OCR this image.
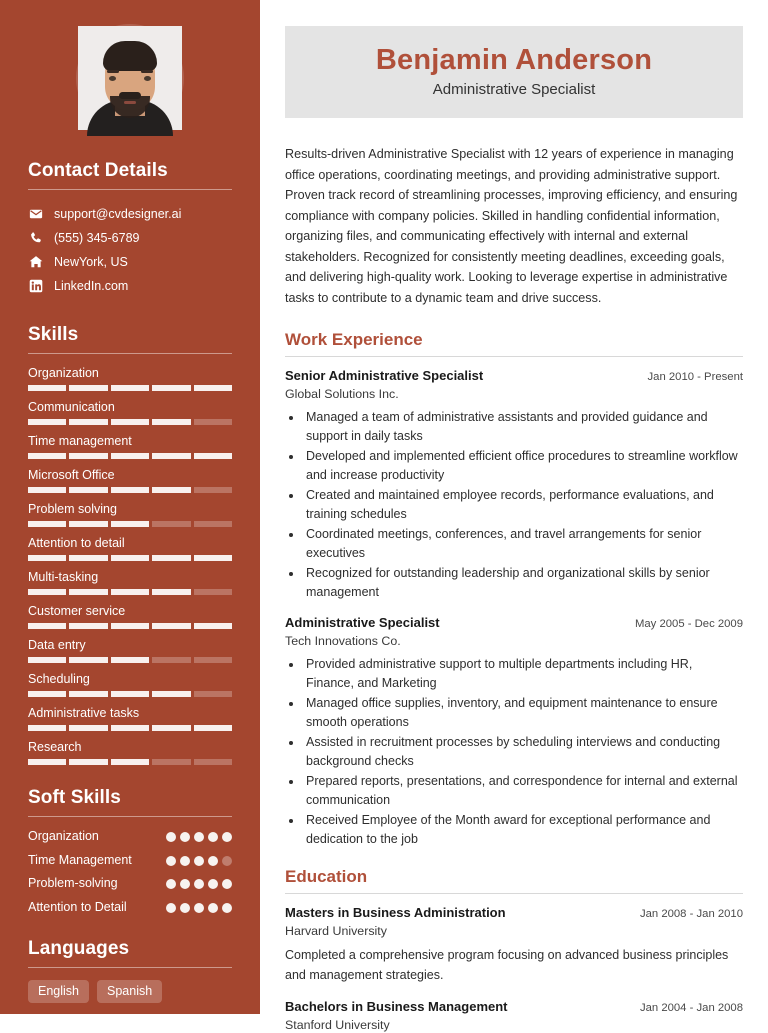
Contact Details
support@cvdesigner.ai
(555) 345-6789
NewYork, US
LinkedIn.com
Skills
Organization
Communication
Time management
Microsoft Office
Problem solving
Attention to detail
Multi-tasking
Customer service
Data entry
Scheduling
Administrative tasks
Research
Soft Skills
Organization
Time Management
Problem-solving
Attention to Detail
Languages
English	Spanish
Benjamin Anderson
Administrative Specialist

Results-driven Administrative Specialist with 12 years of experience in managing office operations, coordinating meetings, and providing administrative support. Proven track record of streamlining processes, improving efficiency, and ensuring compliance with company policies. Skilled in handling confidential information, organizing files, and communicating effectively with internal and external stakeholders. Recognized for consistently meeting deadlines, exceeding goals, and delivering high-quality work. Looking to leverage expertise in administrative tasks to contribute to a dynamic team and drive success.

Work Experience
Senior Administrative Specialist	Jan 2010 - Present
Global Solutions Inc.
• Managed a team of administrative assistants and provided guidance and support in daily tasks
• Developed and implemented efficient office procedures to streamline workflow and increase productivity
• Created and maintained employee records, performance evaluations, and training schedules
• Coordinated meetings, conferences, and travel arrangements for senior executives
• Recognized for outstanding leadership and organizational skills by senior management
Administrative Specialist	May 2005 - Dec 2009
Tech Innovations Co.
• Provided administrative support to multiple departments including HR, Finance, and Marketing
• Managed office supplies, inventory, and equipment maintenance to ensure smooth operations
• Assisted in recruitment processes by scheduling interviews and conducting background checks
• Prepared reports, presentations, and correspondence for internal and external communication
• Received Employee of the Month award for exceptional performance and dedication to the job
Education
Masters in Business Administration	Jan 2008 - Jan 2010
Harvard University
Completed a comprehensive program focusing on advanced business principles and management strategies.
Bachelors in Business Management	Jan 2004 - Jan 2008
Stanford University
